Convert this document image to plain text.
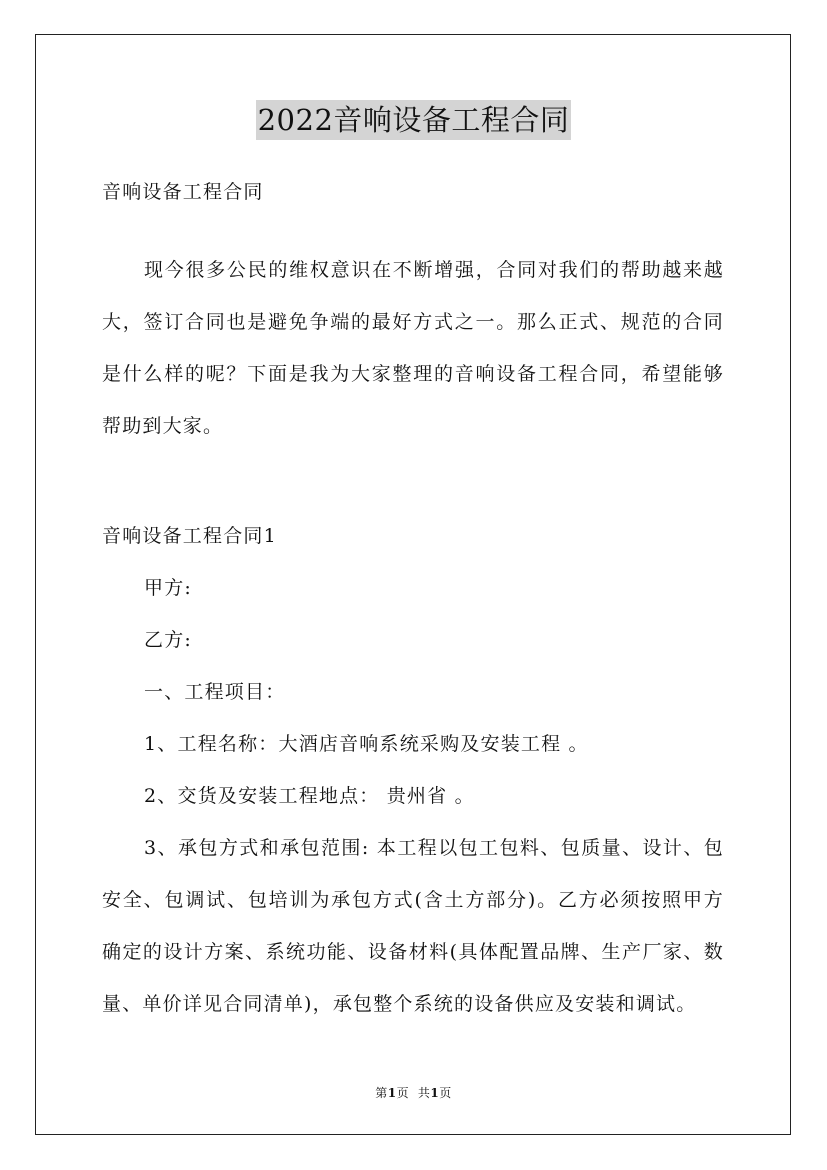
2022音响设备工程合同
音响设备工程合同
现今很多公民的维权意识在不断增强，合同对我们的帮助越来越
大，签订合同也是避免争端的最好方式之一。那么正式、规范的合同
是什么样的呢？下面是我为大家整理的音响设备工程合同，希望能够
帮助到大家。
音响设备工程合同1
甲方:
乙方:
一、工程项目：
1、工程名称：大酒店音响系统采购及安装工程 。
2、交货及安装工程地点： 贵州省 。
3、承包方式和承包范围: 本工程以包工包料、包质量、设计、包
安全、包调试、包培训为承包方式(含土方部分)。乙方必须按照甲方
确定的设计方案、系统功能、设备材料(具体配置品牌、生产厂家、数
量、单价详见合同清单)，承包整个系统的设备供应及安装和调试。
第1页 共1页
